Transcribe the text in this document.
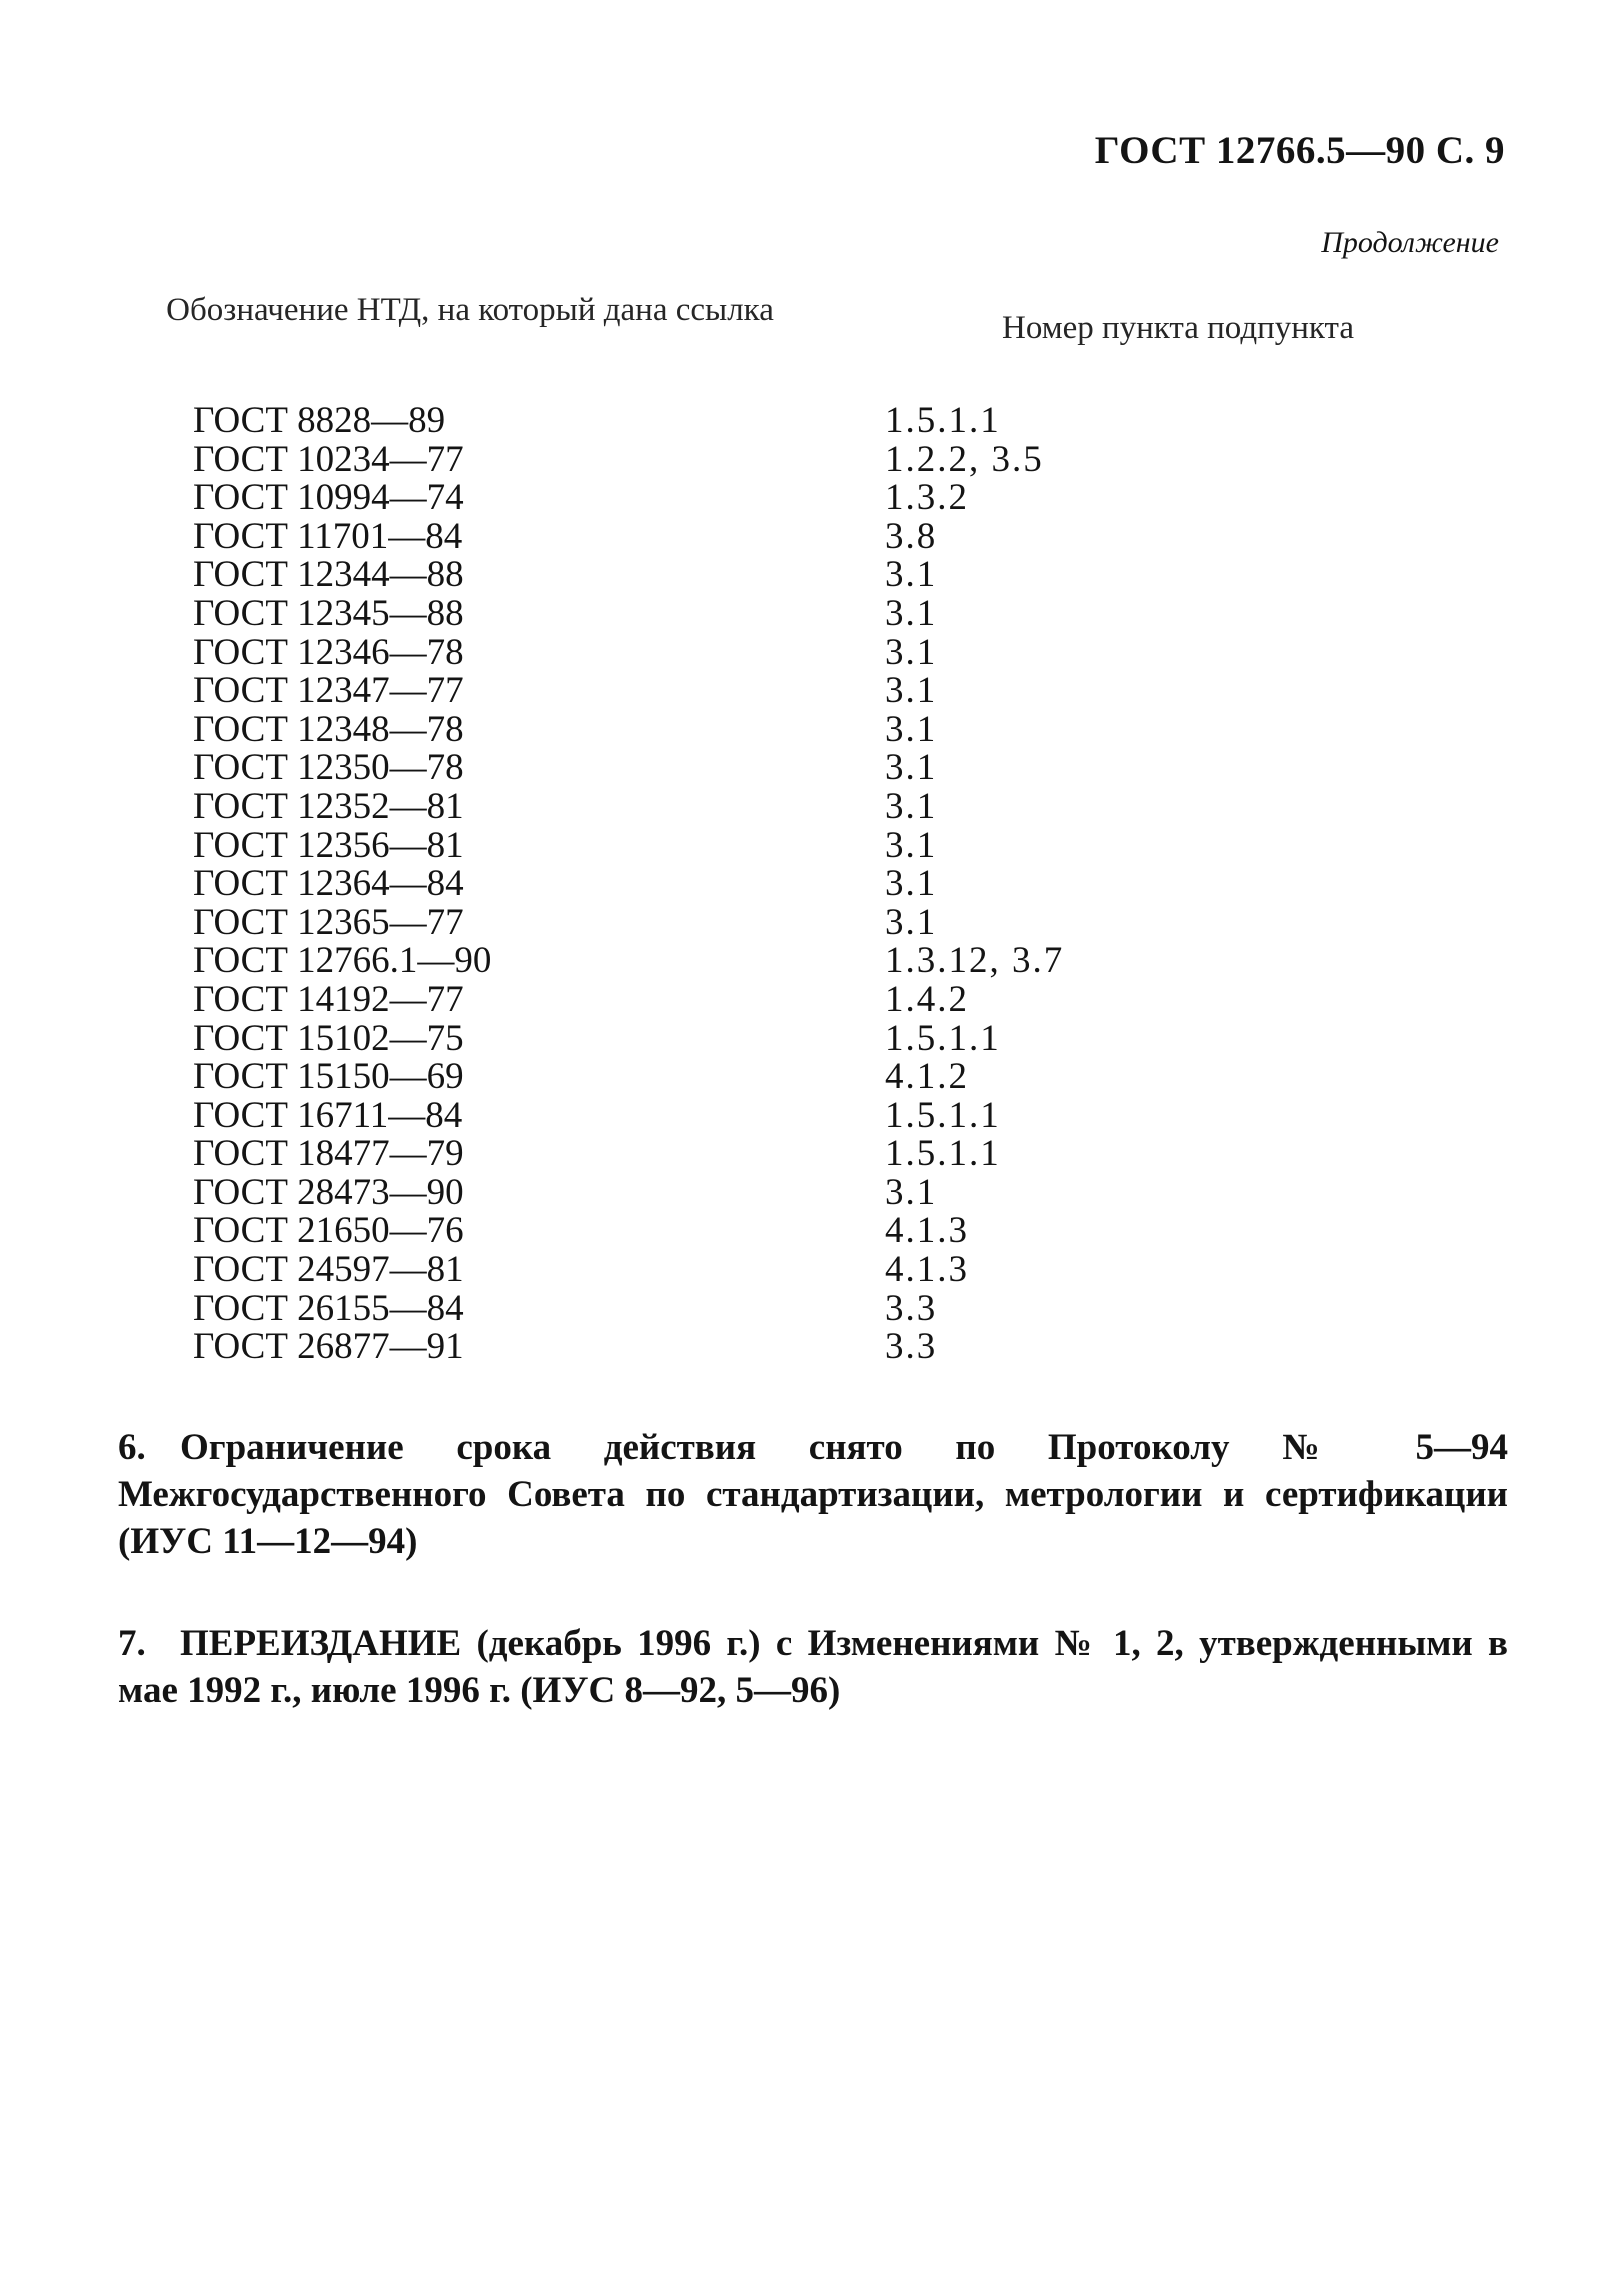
ГОСТ 12766.5—90 С. 9
Продолжение
Обозначение НТД, на который дана ссылка	Номер пункта подпункта
ГОСТ 8828—89	1.5.1.1
ГОСТ 10234—77	1.2.2, 3.5
ГОСТ 10994—74	1.3.2
ГОСТ 11701—84	3.8
ГОСТ 12344—88	3.1
ГОСТ 12345—88	3.1
ГОСТ 12346—78	3.1
ГОСТ 12347—77	3.1
ГОСТ 12348—78	3.1
ГОСТ 12350—78	3.1
ГОСТ 12352—81	3.1
ГОСТ 12356—81	3.1
ГОСТ 12364—84	3.1
ГОСТ 12365—77	3.1
ГОСТ 12766.1—90	1.3.12, 3.7
ГОСТ 14192—77	1.4.2
ГОСТ 15102—75	1.5.1.1
ГОСТ 15150—69	4.1.2
ГОСТ 16711—84	1.5.1.1
ГОСТ 18477—79	1.5.1.1
ГОСТ 28473—90	3.1
ГОСТ 21650—76	4.1.3
ГОСТ 24597—81	4.1.3
ГОСТ 26155—84	3.3
ГОСТ 26877—91	3.3
6. Ограничение срока действия снято по Протоколу № 5—94 Межгосударственного Совета по стандартизации, метрологии и сертификации (ИУС 11—12—94)
7. ПЕРЕИЗДАНИЕ (декабрь 1996 г.) с Изменениями № 1, 2, утвержденными в мае 1992 г., июле 1996 г. (ИУС 8—92, 5—96)
